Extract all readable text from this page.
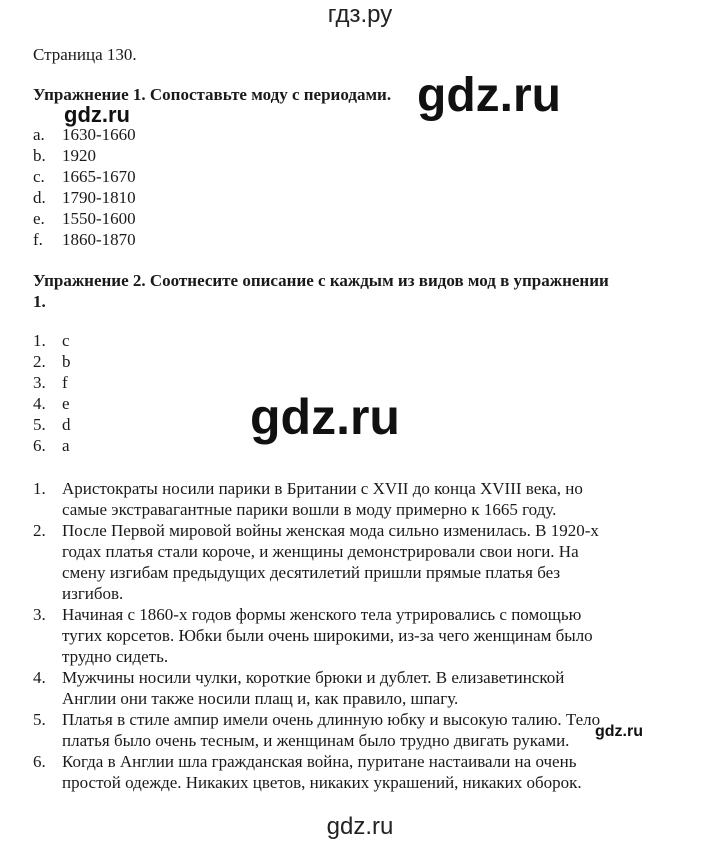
гдз.ру
Страница 130.
Упражнение 1. Сопоставьте моду с периодами. gdz.ru
gdz.ru
a. 1630-1660
b. 1920
c. 1665-1670
d. 1790-1810
e. 1550-1600
f. 1860-1870
Упражнение 2. Соотнесите описание с каждым из видов мод в упражнении
1.
1. c
2. b
3. f
4. e
5. d
6. a
gdz.ru
1. Аристократы носили парики в Британии с XVII до конца XVIII века, но
самые экстравагантные парики вошли в моду примерно к 1665 году.
2. После Первой мировой войны женская мода сильно изменилась. В 1920-х
годах платья стали короче, и женщины демонстрировали свои ноги. На
смену изгибам предыдущих десятилетий пришли прямые платья без
изгибов.
3. Начиная с 1860-х годов формы женского тела утрировались с помощью
тугих корсетов. Юбки были очень широкими, из-за чего женщинам было
трудно сидеть.
4. Мужчины носили чулки, короткие брюки и дублет. В елизаветинской
Англии они также носили плащ и, как правило, шпагу.
5. Платья в стиле ампир имели очень длинную юбку и высокую талию. Тело
платья было очень тесным, и женщинам было трудно двигать руками.
6. Когда в Англии шла гражданская война, пуритане настаивали на очень
простой одежде. Никаких цветов, никаких украшений, никаких оборок.
gdz.ru
gdz.ru
